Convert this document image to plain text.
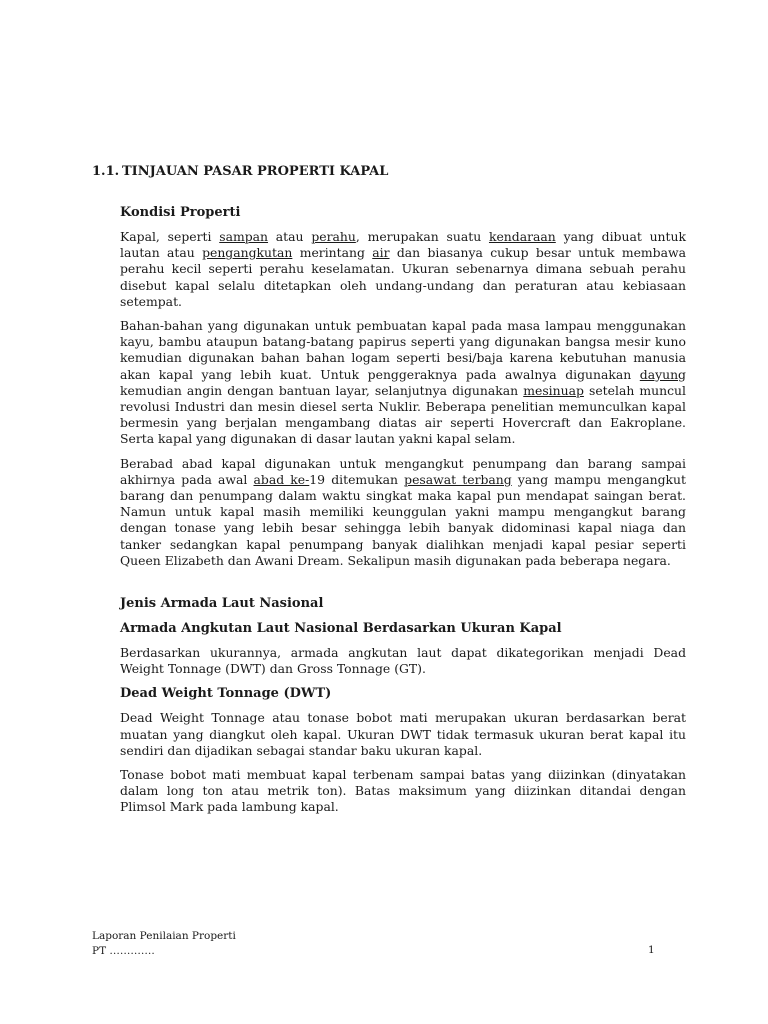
1.1. TINJAUAN PASAR PROPERTI KAPAL
Kondisi Properti

Kapal, seperti sampan atau perahu, merupakan suatu kendaraan yang dibuat untuk lautan atau pengangkutan merintang air dan biasanya cukup besar untuk membawa perahu kecil seperti perahu keselamatan. Ukuran sebenarnya dimana sebuah perahu disebut kapal selalu ditetapkan oleh undang-undang dan peraturan atau kebiasaan setempat.

Bahan-bahan yang digunakan untuk pembuatan kapal pada masa lampau menggunakan kayu, bambu ataupun batang-batang papirus seperti yang digunakan bangsa mesir kuno kemudian digunakan bahan bahan logam seperti besi/baja karena kebutuhan manusia akan kapal yang lebih kuat. Untuk penggeraknya pada awalnya digunakan dayung kemudian angin dengan bantuan layar, selanjutnya digunakan mesinuap setelah muncul revolusi Industri dan mesin diesel serta Nuklir. Beberapa penelitian memunculkan kapal bermesin yang berjalan mengambang diatas air seperti Hovercraft dan Eakroplane. Serta kapal yang digunakan di dasar lautan yakni kapal selam.

Berabad abad kapal digunakan untuk mengangkut penumpang dan barang sampai akhirnya pada awal abad ke-19 ditemukan pesawat terbang yang mampu mengangkut barang dan penumpang dalam waktu singkat maka kapal pun mendapat saingan berat. Namun untuk kapal masih memiliki keunggulan yakni mampu mengangkut barang dengan tonase yang lebih besar sehingga lebih banyak didominasi kapal niaga dan tanker sedangkan kapal penumpang banyak dialihkan menjadi kapal pesiar seperti Queen Elizabeth dan Awani Dream. Sekalipun masih digunakan pada beberapa negara.

Jenis Armada Laut Nasional
Armada Angkutan Laut Nasional Berdasarkan Ukuran Kapal

Berdasarkan ukurannya, armada angkutan laut dapat dikategorikan menjadi Dead Weight Tonnage (DWT) dan Gross Tonnage (GT).

Dead Weight Tonnage (DWT)

Dead Weight Tonnage atau tonase bobot mati merupakan ukuran berdasarkan berat muatan yang diangkut oleh kapal. Ukuran DWT tidak termasuk ukuran berat kapal itu sendiri dan dijadikan sebagai standar baku ukuran kapal.

Tonase bobot mati membuat kapal terbenam sampai batas yang diizinkan (dinyatakan dalam long ton atau metrik ton). Batas maksimum yang diizinkan ditandai dengan Plimsol Mark pada lambung kapal.

Laporan Penilaian Properti
PT ………….	1
